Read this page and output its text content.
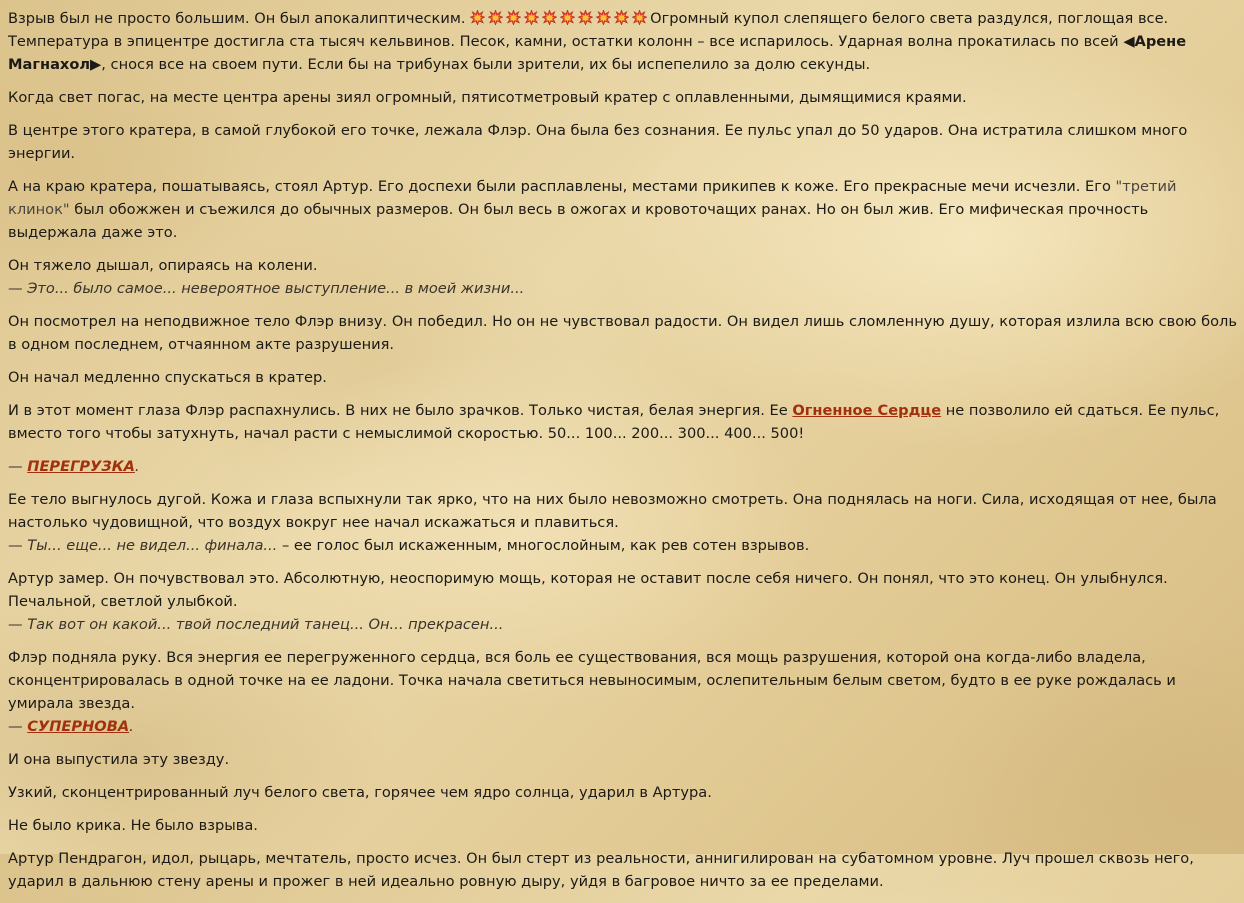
Взрыв был не просто большим. Он был апокалиптическим.	Огромный купол слепящего белого света раздулся, поглощая все. Температура в эпицентре достигла ста тысяч кельвинов. Песок, камни, остатки колонн – все испарилось. Ударная волна прокатилась по всей ◀Арене Магнахол▶, снося все на своем пути. Если бы на трибунах были зрители, их бы испепелило за долю секунды.
Когда свет погас, на месте центра арены зиял огромный, пятисотметровый кратер с оплавленными, дымящимися краями.
В центре этого кратера, в самой глубокой его точке, лежала Флэр. Она была без сознания. Ее пульс упал до 50 ударов. Она истратила слишком много энергии.
А на краю кратера, пошатываясь, стоял Артур. Его доспехи были расплавлены, местами прикипев к коже. Его прекрасные мечи исчезли. Его "третий клинок" был обожжен и съежился до обычных размеров. Он был весь в ожогах и кровоточащих ранах. Но он был жив. Его мифическая прочность выдержала даже это.
Он тяжело дышал, опираясь на колени.
— Это... было самое... невероятное выступление... в моей жизни...
Он посмотрел на неподвижное тело Флэр внизу. Он победил. Но он не чувствовал радости. Он видел лишь сломленную душу, которая излила всю свою боль в одном последнем, отчаянном акте разрушения.
Он начал медленно спускаться в кратер.
И в этот момент глаза Флэр распахнулись. В них не было зрачков. Только чистая, белая энергия. Ее Огненное Сердце не позволило ей сдаться. Ее пульс, вместо того чтобы затухнуть, начал расти с немыслимой скоростью. 50... 100... 200... 300... 400... 500!
— ПЕРЕГРУЗКА.
Ее тело выгнулось дугой. Кожа и глаза вспыхнули так ярко, что на них было невозможно смотреть. Она поднялась на ноги. Сила, исходящая от нее, была настолько чудовищной, что воздух вокруг нее начал искажаться и плавиться.
— Ты... еще... не видел... финала... – ее голос был искаженным, многослойным, как рев сотен взрывов.
Артур замер. Он почувствовал это. Абсолютную, неоспоримую мощь, которая не оставит после себя ничего. Он понял, что это конец. Он улыбнулся. Печальной, светлой улыбкой.
— Так вот он какой... твой последний танец... Он... прекрасен...
Флэр подняла руку. Вся энергия ее перегруженного сердца, вся боль ее существования, вся мощь разрушения, которой она когда-либо владела, сконцентрировалась в одной точке на ее ладони. Точка начала светиться невыносимым, ослепительным белым светом, будто в ее руке рождалась и умирала звезда.
— СУПЕРНОВА.
И она выпустила эту звезду.
Узкий, сконцентрированный луч белого света, горячее чем ядро солнца, ударил в Артура.
Не было крика. Не было взрыва.
Артур Пендрагон, идол, рыцарь, мечтатель, просто исчез. Он был стерт из реальности, аннигилирован на субатомном уровне. Луч прошел сквозь него, ударил в дальнюю стену арены и прожег в ней идеально ровную дыру, уйдя в багровое ничто за ее пределами.
